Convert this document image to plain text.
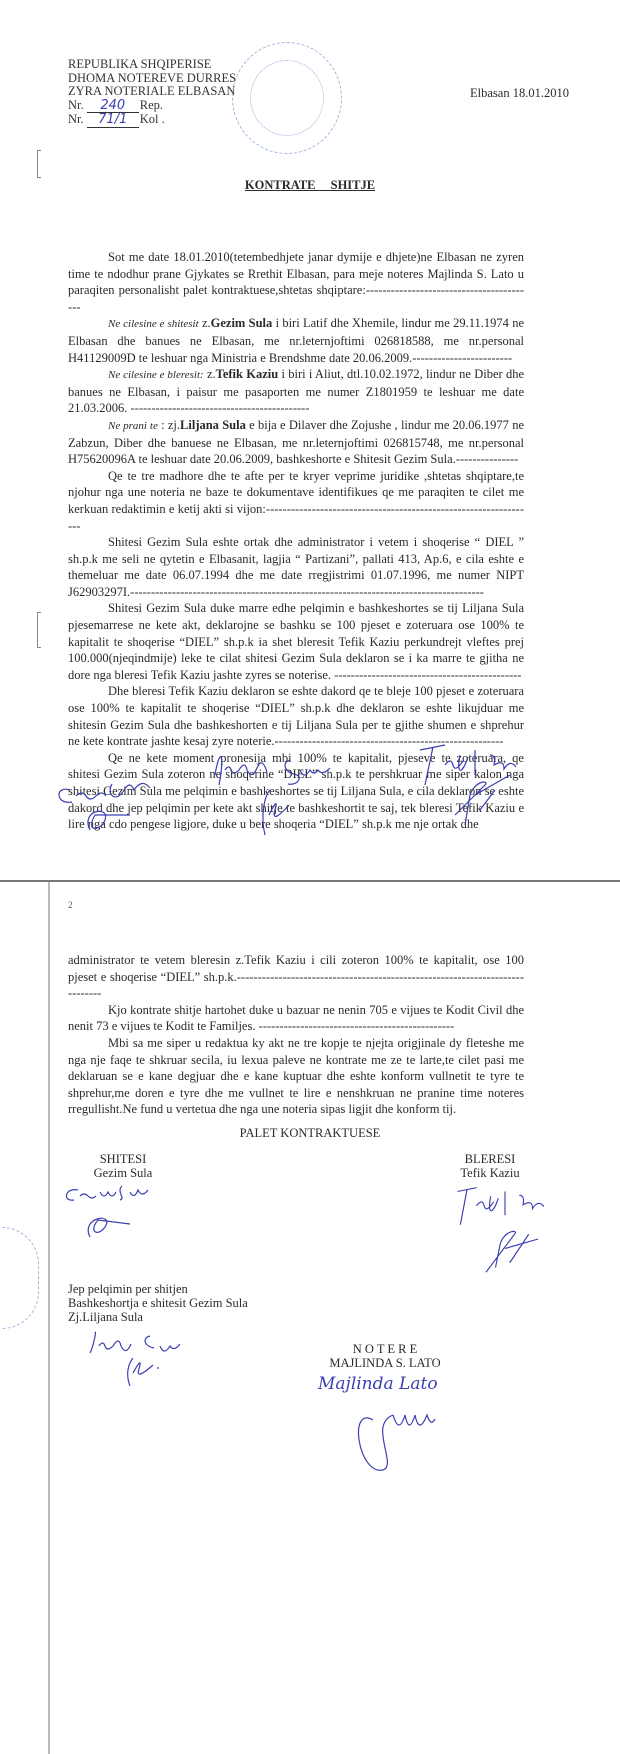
REPUBLIKA SHQIPERISE
DHOMA NOTEREVE DURRES
ZYRA NOTERIALE ELBASAN
Nr. 240 Rep.
Nr. 71/1 Kol .
Elbasan 18.01.2010
KONTRATE SHITJE

Sot me date 18.01.2010(tetembedhjete janar dymije e dhjete)ne Elbasan ne zyren time te ndodhur prane Gjykates se Rrethit Elbasan, para meje noteres Majlinda S. Lato u paraqiten personalisht palet kontraktuese,shtetas shqiptare:-----------------------------------------

Ne cilesine e shitesit z.Gezim Sula i biri Latif dhe Xhemile, lindur me 29.11.1974 ne Elbasan dhe banues ne Elbasan, me nr.leternjoftimi 026818588, me nr.personal H41129009D te leshuar nga Ministria e Brendshme date 20.06.2009.------------------------

Ne cilesine e bleresit: z.Tefik Kaziu i biri i Aliut, dtl.10.02.1972, lindur ne Diber dhe banues ne Elbasan, i paisur me pasaporten me numer Z1801959 te leshuar me date 21.03.2006. -------------------------------------------

Ne prani te : zj.Liljana Sula e bija e Dilaver dhe Zojushe , lindur me 20.06.1977 ne Zabzun, Diber dhe banuese ne Elbasan, me nr.leternjoftimi 026815748, me nr.personal H75620096A te leshuar date 20.06.2009, bashkeshorte e Shitesit Gezim Sula.---------------

Qe te tre madhore dhe te afte per te kryer veprime juridike ,shtetas shqiptare,te njohur nga une noteria ne baze te dokumentave identifikues qe me paraqiten te cilet me kerkuan redaktimin e ketij akti si vijon:-----------------------------------------------------------------

Shitesi Gezim Sula eshte ortak dhe administrator i vetem i shoqerise “ DIEL ” sh.p.k me seli ne qytetin e Elbasanit, lagjia “ Partizani”, pallati 413, Ap.6, e cila eshte e themeluar me date 06.07.1994 dhe me date rregjistrimi 01.07.1996, me numer NIPT J62903297I.-------------------------------------------------------------------------------------

Shitesi Gezim Sula duke marre edhe pelqimin e bashkeshortes se tij Liljana Sula pjesemarrese ne kete akt, deklarojne se bashku se 100 pjeset e zoteruara ose 100% te kapitalit te shoqerise “DIEL” sh.p.k ia shet bleresit Tefik Kaziu perkundrejt vleftes prej 100.000(njeqindmije) leke te cilat shitesi Gezim Sula deklaron se i ka marre te gjitha ne dore nga bleresi Tefik Kaziu jashte zyres se noterise. ---------------------------------------------

Dhe bleresi Tefik Kaziu deklaron se eshte dakord qe te bleje 100 pjeset e zoteruara ose 100% te kapitalit te shoqerise “DIEL” sh.p.k dhe deklaron se eshte likujduar me shitesin Gezim Sula dhe bashkeshorten e tij Liljana Sula per te gjithe shumen e shprehur ne kete kontrate jashte kesaj zyre noterie.-------------------------------------------------------

Qe ne kete moment pronesija mbi 100% te kapitalit, pjeseve te zoteruara, qe shitesi Gezim Sula zoteron ne shoqerine “DIEL” sh.p.k te pershkruar me siper kalon nga shitesi Gezim Sula me pelqimin e bashkeshortes se tij Liljana Sula, e cila deklaron se eshte dakord dhe jep pelqimin per kete akt shitje te bashkeshortit te saj, tek bleresi Tefik Kaziu e lire nga cdo pengese ligjore, duke u bere shoqeria “DIEL” sh.p.k me nje ortak dhe

2

administrator te vetem bleresin z.Tefik Kaziu i cili zoteron 100% te kapitalit, ose 100 pjeset e shoqerise “DIEL” sh.p.k.-----------------------------------------------------------------------------

Kjo kontrate shitje hartohet duke u bazuar ne nenin 705 e vijues te Kodit Civil dhe nenit 73 e vijues te Kodit te Familjes. -----------------------------------------------

Mbi sa me siper u redaktua ky akt ne tre kopje te njejta origjinale dy fleteshe me nga nje faqe te shkruar secila, iu lexua paleve ne kontrate me ze te larte,te cilet pasi me deklaruan se e kane degjuar dhe e kane kuptuar dhe eshte konform vullnetit te tyre te shprehur,me doren e tyre dhe me vullnet te lire e nenshkruan ne pranine time noteres rregullisht.Ne fund u vertetua dhe nga une noteria sipas ligjit dhe konform tij.

PALET KONTRAKTUESE
SHITESI
Gezim Sula
BLERESI
Tefik Kaziu
Jep pelqimin per shitjen
Bashkeshortja e shitesit Gezim Sula
Zj.Liljana Sula
N O T E R E
MAJLINDA S. LATO
Majlinda Lato
